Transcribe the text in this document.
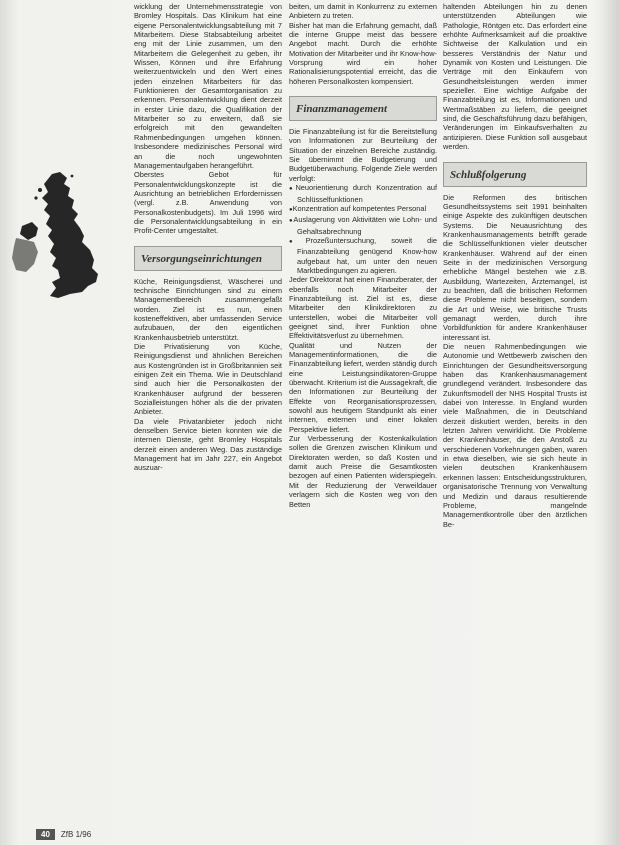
wicklung der Unternehmensstrategie von Bromley Hospitals. Das Klinikum hat eine eigene Personalentwicklungsabteilung mit 7 Mitarbeitern. Diese Stabsabteilung arbeitet eng mit der Linie zusammen, um den Mitarbeitern die Gelegenheit zu geben, ihr Wissen, Können und ihre Erfahrung weiterzuentwickeln und den Wert eines jeden einzelnen Mitarbeiters für das Funktionieren der Gesamtorganisation zu erkennen. Personalentwicklung dient derzeit in erster Linie dazu, die Qualifikation der Mitarbeiter so zu erweitern, daß sie erfolgreich mit den gewandelten Rahmenbedingungen umgehen können. Insbesondere medizinisches Personal wird an die noch ungewohnten Managementaufgaben herangeführt.

Oberstes Gebot für Personalentwicklungskonzepte ist die Ausrichtung an betrieblichen Erfordernissen (vergl. z.B. Anwendung von Personalkostenbudgets). Im Juli 1996 wird die Personalentwicklungsabteilung in ein Profit-Center umgestaltet.

Versorgungseinrichtungen

Küche, Reinigungsdienst, Wäscherei und technische Einrichtungen sind zu einem Managementbereich zusammengefaßt worden. Ziel ist es nun, einen kosteneffektiven, aber umfassenden Service aufzubauen, der den eigentlichen Krankenhausbetrieb unterstützt.

Die Privatisierung von Küche, Reinigungsdienst und ähnlichen Bereichen aus Kostengründen ist in Großbritannien seit einigen Zeit ein Thema. Wie in Deutschland sind auch hier die Personalkosten der Krankenhäuser aufgrund der besseren Sozialleistungen höher als die der privaten Anbieter.

Da viele Privatanbieter jedoch nicht denselben Service bieten konnten wie die internen Dienste, geht Bromley Hospitals derzeit einen anderen Weg. Das zuständige Management hat im Jahr 227, ein Angebot auszuar-

beiten, um damit in Konkurrenz zu externen Anbietern zu treten.

Bisher hat man die Erfahrung gemacht, daß die interne Gruppe meist das bessere Angebot macht. Durch die erhöhte Motivation der Mitarbeiter und ihr Know-how-Vorsprung wird ein hoher Rationalisierungspotential erreicht, das die höheren Personalkosten kompensiert.

Finanzmanagement

Die Finanzabteilung ist für die Bereitstellung von Informationen zur Beurteilung der Situation der einzelnen Bereiche zuständig. Sie übernimmt die Budgetierung und Budgetüberwachung. Folgende Ziele werden verfolgt:

● Neuorientierung durch Konzentration auf Schlüsselfunktionen

● Konzentration auf kompetentes Personal

● Auslagerung von Aktivitäten wie Lohn- und Gehaltsabrechnung

● Prozeßuntersuchung, soweit die Finanzabteilung genügend Know-how aufgebaut hat, um unter den neuen Marktbedingungen zu agieren.

Jeder Direktorat hat einen Finanzberater, der ebenfalls noch Mitarbeiter der Finanzabteilung ist. Ziel ist es, diese Mitarbeiter den Klinikdirektoren zu unterstellen, wobei die Mitarbeiter voll geeignet sind, ihrer Funktion ohne Effektivitätsverlust zu übernehmen.

Qualität und Nutzen der Managementinformationen, die die Finanzabteilung liefert, werden ständig durch eine Leistungsindikatoren-Gruppe überwacht. Kriterium ist die Aussagekraft, die den Informationen zur Beurteilung der Effekte von Reorganisationsprozessen, sowohl aus heutigem Standpunkt als einer internen, externen und einer lokalen Perspektive liefert.

Zur Verbesserung der Kostenkalkulation sollen die Grenzen zwischen Klinikum und Direktoraten werden, so daß Kosten und damit auch Preise die Gesamtkosten bezogen auf einen Patienten widerspiegeln. Mit der Reduzierung der Verweildauer verlagern sich die Kosten weg von den Betten

haltenden Abteilungen hin zu denen unterstützenden Abteilungen wie Pathologie, Röntgen etc. Das erfordert eine erhöhte Aufmerksamkeit auf die proaktive Sichtweise der Kalkulation und ein besseres Verständnis der Natur und Dynamik von Kosten und Leistungen. Die Verträge mit den Einkäufern von Gesundheitsleistungen werden immer spezieller. Eine wichtige Aufgabe der Finanzabteilung ist es, Informationen und Wertmaßstäben zu liefern, die geeignet sind, die Geschäftsführung dazu befähigen, Veränderungen im Einkaufsverhalten zu antizipieren. Diese Funktion soll ausgebaut werden.

Schlußfolgerung

Die Reformen des britischen Gesundheitssystems seit 1991 beinhalten einige Aspekte des zukünftigen deutschen Systems. Die Neuausrichtung des Krankenhausmanagements betrifft gerade die Schlüsselfunktionen vieler deutscher Krankenhäuser. Während auf der einen Seite in der medizinischen Versorgung erhebliche Mängel bestehen wie z.B. Ausbildung, Wartezeiten, Ärztemangel, ist zu beachten, daß die britischen Reformen diese Probleme nicht beseitigen, sondern die Art und Weise, wie britische Trusts gemanagt werden, durch ihre Vorbildfunktion für andere Krankenhäuser interessant ist.

Die neuen Rahmenbedingungen wie Autonomie und Wettbewerb zwischen den Einrichtungen der Gesundheitsversorgung haben das Krankenhausmanagement grundlegend verändert. Insbesondere das Zukunftsmodell der NHS Hospital Trusts ist dabei von Interesse. In England wurden viele Maßnahmen, die in Deutschland derzeit diskutiert werden, bereits in den letzten Jahren verwirklicht. Die Probleme der Krankenhäuser, die den Anstoß zu verschiedenen Vorkehrungen gaben, waren in etwa dieselben, wie sie sich heute in vielen deutschen Krankenhäusern erkennen lassen: Entscheidungsstrukturen, organisatorische Trennung von Verwaltung und Medizin und daraus resultierende Probleme, mangelnde Managementkontrolle über den ärztlichen Be-

40	ZfB 1/96
